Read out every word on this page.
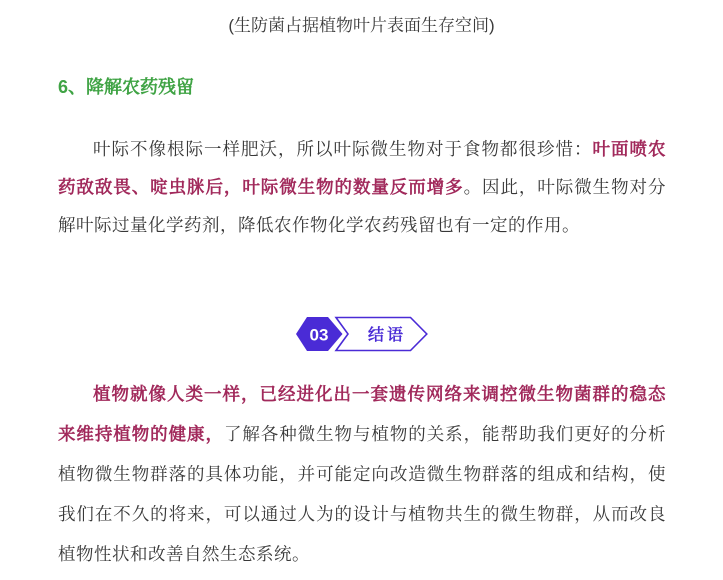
(生防菌占据植物叶片表面生存空间)
6、降解农药残留

叶际不像根际一样肥沃，所以叶际微生物对于食物都很珍惜：叶面喷农药敌敌畏、啶虫脒后，叶际微生物的数量反而增多。因此，叶际微生物对分解叶际过量化学药剂，降低农作物化学农药残留也有一定的作用。

03 结语

植物就像人类一样，已经进化出一套遗传网络来调控微生物菌群的稳态来维持植物的健康，了解各种微生物与植物的关系，能帮助我们更好的分析植物微生物群落的具体功能，并可能定向改造微生物群落的组成和结构，使我们在不久的将来，可以通过人为的设计与植物共生的微生物群，从而改良植物性状和改善自然生态系统。
